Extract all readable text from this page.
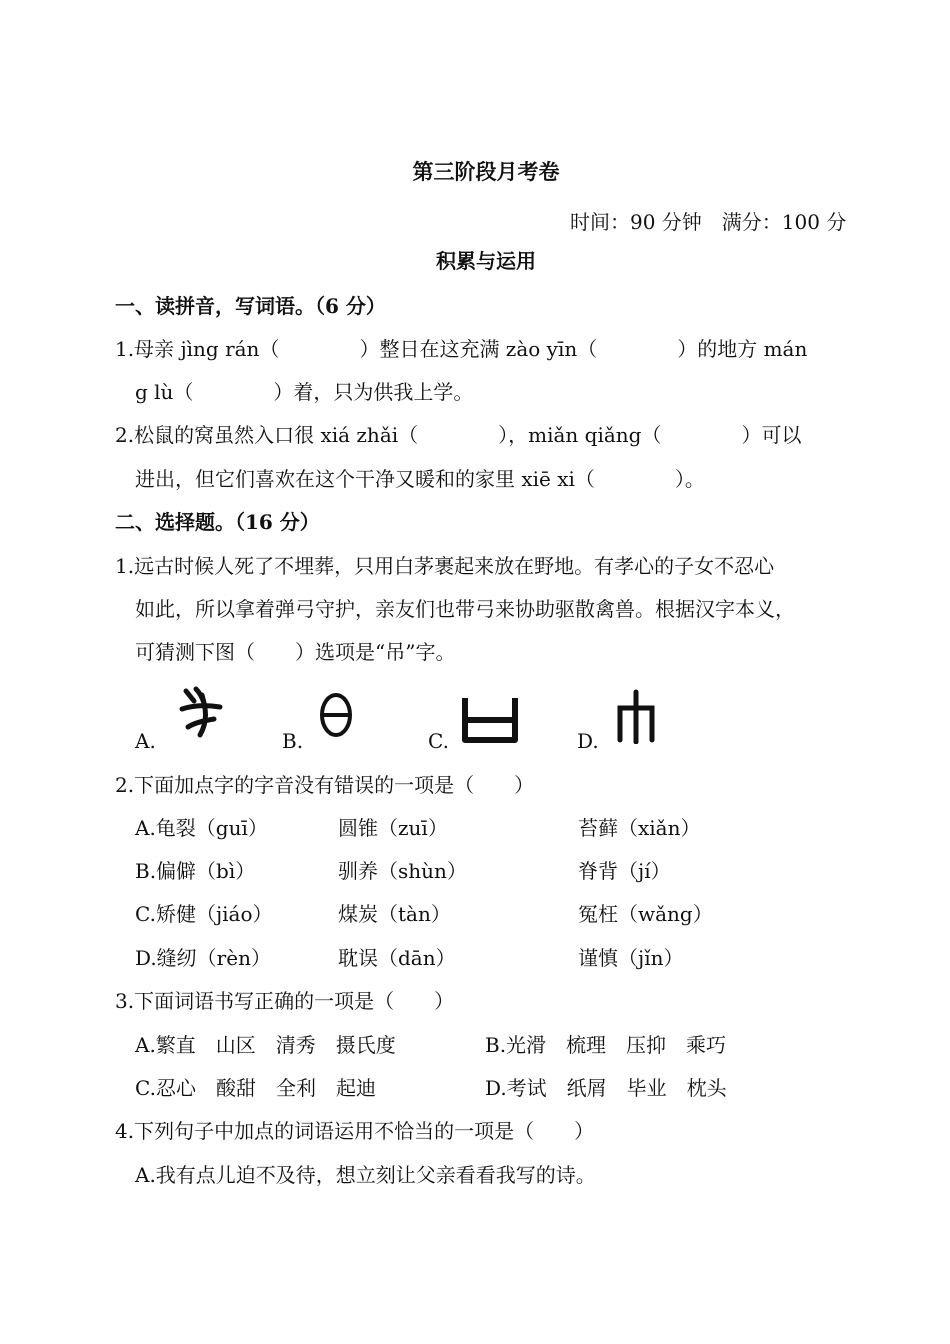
第三阶段月考卷
时间：90 分钟　满分：100 分
积累与运用
一、读拼音，写词语。（6 分）
1.母亲 jìng rán（　　　　）整日在这充满 zào yīn（　　　　）的地方 mán
g lù（　　　　）着，只为供我上学。
2.松鼠的窝虽然入口很 xiá zhǎi（　　　　），miǎn qiǎng（　　　　）可以
进出，但它们喜欢在这个干净又暖和的家里 xiē xi（　　　　）。
二、选择题。（16 分）
1.远古时候人死了不埋葬，只用白茅裹起来放在野地。有孝心的子女不忍心
如此，所以拿着弹弓守护，亲友们也带弓来协助驱散禽兽。根据汉字本义，
可猜测下图（　　）选项是“吊”字。
A.	B.	C.	D.
2.下面加点字的字音没有错误的一项是（　　）
A.龟裂（guī）	圆锥（zuī）	苔藓（xiǎn）
B.偏僻（bì）	驯养（shùn）	脊背（jí）
C.矫健（jiáo）	煤炭（tàn）	冤枉（wǎng）
D.缝纫（rèn）	耽误（dān）	谨慎（jǐn）
3.下面词语书写正确的一项是（　　）
A.繁直　山区　清秀　摄氏度	B.光滑　梳理　压抑　乘巧
C.忍心　酸甜　全利　起迪	D.考试　纸屑　毕业　枕头
4.下列句子中加点的词语运用不恰当的一项是（　　）
A.我有点儿迫不及待，想立刻让父亲看看我写的诗。
